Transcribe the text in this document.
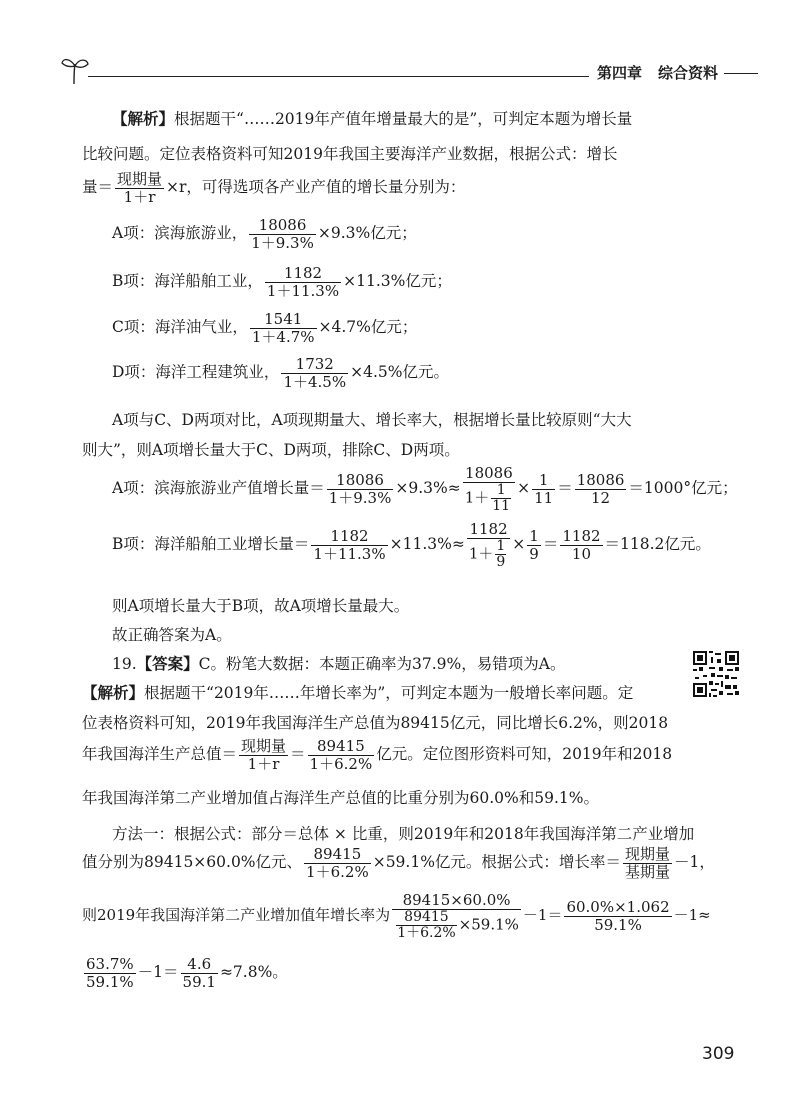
第四章 综合资料
【解析】根据题干“……2019年产值年增量最大的是”，可判定本题为增长量
比较问题。定位表格资料可知2019年我国主要海洋产业数据，根据公式：增长
量＝ $\frac{\text{现期量}}{1+r} \times r$，可得选项各产业产值的增长量分别为：
A项：滨海旅游业， $\frac{18086}{1+9.3\%} \times 9.3\%$亿元；
B项：海洋船舶工业， $\frac{1182}{1+11.3\%} \times 11.3\%$亿元；
C项：海洋油气业， $\frac{1541}{1+4.7\%} \times 4.7\%$亿元；
D项：海洋工程建筑业， $\frac{1732}{1+4.5\%} \times 4.5\%$亿元。
A项与C、D两项对比，A项现期量大、增长率大，根据增长量比较原则“大大
则大”，则A项增长量大于C、D两项，排除C、D两项。
A项：滨海旅游业产值增长量＝ $\frac{18086}{1+9.3\%} \times 9.3\%\approx \frac{18086}{1+ \frac{1}{11}} \times \frac{1}{11} = \frac{18086}{12} =1000^\circ$亿元；
B项：海洋船舶工业增长量＝ $\frac{1182}{1+11.3\%} \times 11.3\%\approx \frac{1182}{1+ \frac{1}{9}} \times \frac{1}{9} = \frac{1182}{10} =118.2$亿元。
则A项增长量大于B项，故A项增长量最大。
故正确答案为A。
19.【答案】C。粉笔大数据：本题正确率为37.9%，易错项为A。
【解析】根据题干“2019年……年增长率为”，可判定本题为一般增长率问题。定
位表格资料可知，2019年我国海洋生产总值为89415亿元，同比增长6.2%，则2018
年我国海洋生产总值＝ $\frac{\text{现期量}}{1+r} = \frac{89415}{1+6.2\%}$ 亿元。定位图形资料可知，2019年和2018
年我国海洋第二产业增加值占海洋生产总值的比重分别为60.0%和59.1%。
方法一：根据公式：部分＝总体 × 比重，则2019年和2018年我国海洋第二产业增加
值分别为89415×60.0%亿元、 $\frac{89415}{1+6.2\%} \times 59.1\%$亿元。根据公式：增长率＝ $\frac{\text{现期量}}{\text{基期量}} -1$，
则2019年我国海洋第二产业增加值年增长率为 $\frac{89415\times 60.0\%}{\frac{89415}{1+6.2\%} \times 59.1\%} -1= \frac{60.0\%\times 1.062}{59.1\%} -1\approx$
$\frac{63.7\%}{59.1\%} -1= \frac{4.6}{59.1} \approx 7.8\%$。
309
